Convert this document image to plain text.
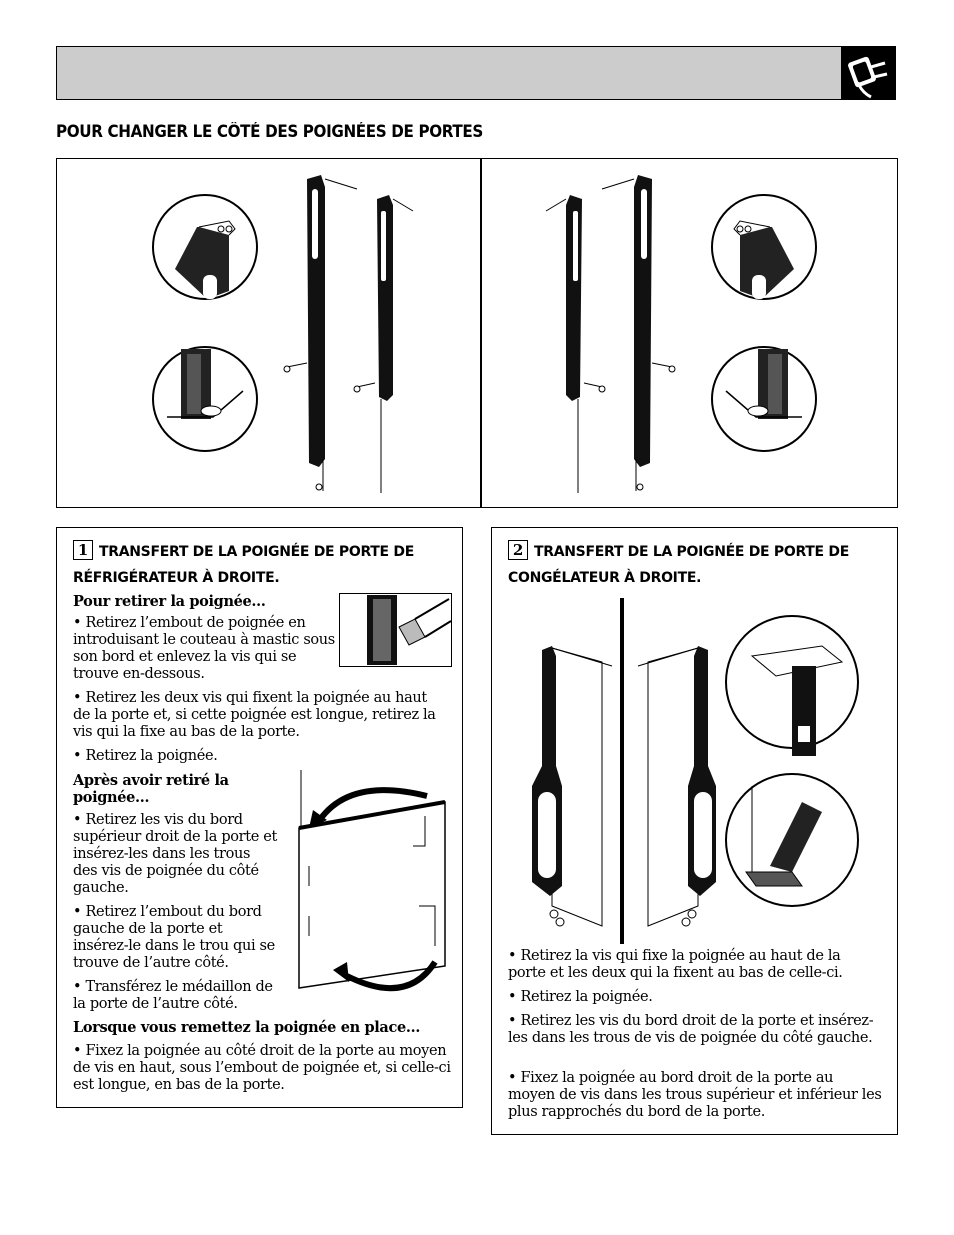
POUR CHANGER LE CÔTÉ DES POIGNÉES DE PORTES
1 TRANSFERT DE LA POIGNÉE DE PORTE DE RÉFRIGÉRATEUR À DROITE.

Pour retirer la poignée…

• Retirez l’embout de poignée en introduisant le couteau à mastic sous son bord et enlevez la vis qui se trouve en-dessous.

• Retirez les deux vis qui fixent la poignée au haut de la porte et, si cette poignée est longue, retirez la vis qui la fixe au bas de la porte.

• Retirez la poignée.

Après avoir retiré la poignée…

• Retirez les vis du bord supérieur droit de la porte et insérez-les dans les trous des vis de poignée du côté gauche.

• Retirez l’embout du bord gauche de la porte et insérez-le dans le trou qui se trouve de l’autre côté.

• Transférez le médaillon de la porte de l’autre côté.

Lorsque vous remettez la poignée en place…

• Fixez la poignée au côté droit de la porte au moyen de vis en haut, sous l’embout de poignée et, si celle-ci est longue, en bas de la porte.

2 TRANSFERT DE LA POIGNÉE DE PORTE DE CONGÉLATEUR À DROITE.

• Retirez la vis qui fixe la poignée au haut de la porte et les deux qui la fixent au bas de celle-ci.

• Retirez la poignée.

• Retirez les vis du bord droit de la porte et insérez-les dans les trous de vis de poignée du côté gauche.

• Fixez la poignée au bord droit de la porte au moyen de vis dans les trous supérieur et inférieur les plus rapprochés du bord de la porte.
